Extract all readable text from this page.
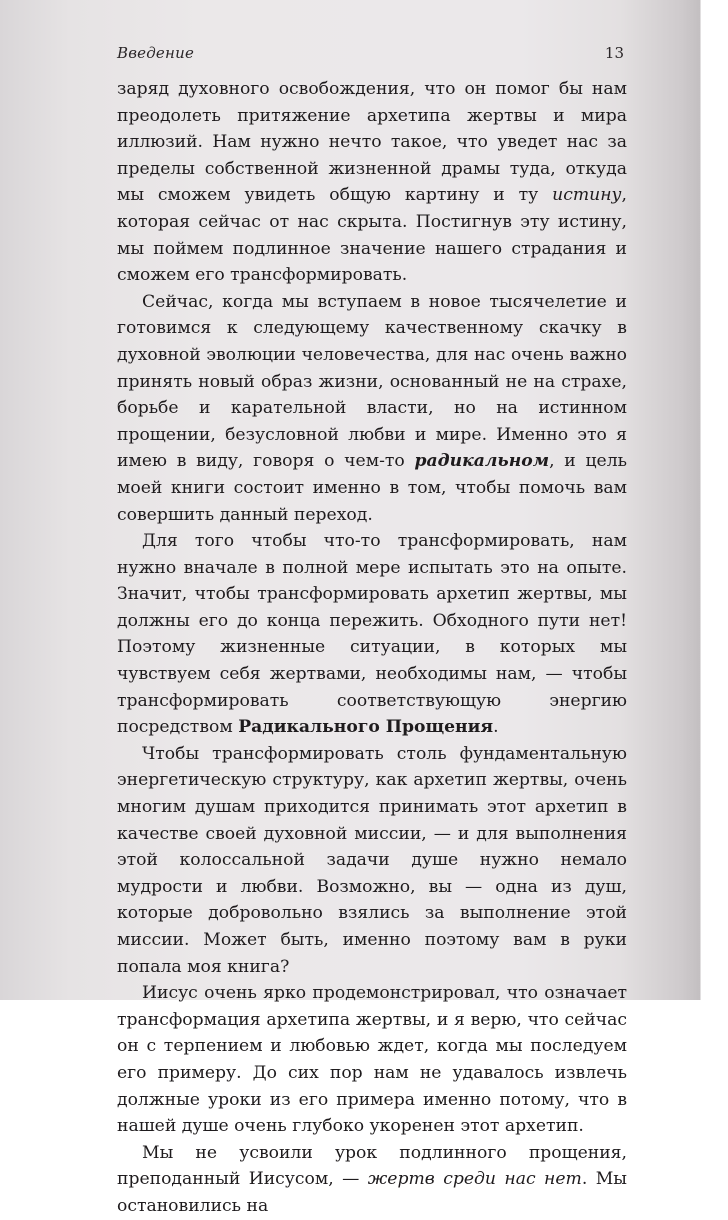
Введение	13

заряд духовного освобождения, что он помог бы нам преодолеть притяжение архетипа жертвы и мира иллюзий. Нам нужно нечто такое, что уведет нас за пределы собственной жизненной драмы туда, откуда мы сможем увидеть общую картину и ту истину, которая сейчас от нас скрыта. Постигнув эту истину, мы поймем подлинное значение нашего страдания и сможем его трансформировать.

Сейчас, когда мы вступаем в новое тысячелетие и готовимся к следующему качественному скачку в духовной эволюции человечества, для нас очень важно принять новый образ жизни, основанный не на страхе, борьбе и карательной власти, но на истинном прощении, безусловной любви и мире. Именно это я имею в виду, говоря о чем-то радикальном, и цель моей книги состоит именно в том, чтобы помочь вам совершить данный переход.

Для того чтобы что-то трансформировать, нам нужно вначале в полной мере испытать это на опыте. Значит, чтобы трансформировать архетип жертвы, мы должны его до конца пережить. Обходного пути нет! Поэтому жизненные ситуации, в которых мы чувствуем себя жертвами, необходимы нам, — чтобы трансформировать соответствующую энергию посредством Радикального Прощения.

Чтобы трансформировать столь фундаментальную энергетическую структуру, как архетип жертвы, очень многим душам приходится принимать этот архетип в качестве своей духовной миссии, — и для выполнения этой колоссальной задачи душе нужно немало мудрости и любви. Возможно, вы — одна из душ, которые добровольно взялись за выполнение этой миссии. Может быть, именно поэтому вам в руки попала моя книга?

Иисус очень ярко продемонстрировал, что означает трансформация архетипа жертвы, и я верю, что сейчас он с терпением и любовью ждет, когда мы последуем его примеру. До сих пор нам не удавалось извлечь должные уроки из его примера именно потому, что в нашей душе очень глубоко укоренен этот архетип.

Мы не усвоили урок подлинного прощения, преподанный Иисусом, — жертв среди нас нет. Мы остановились на
